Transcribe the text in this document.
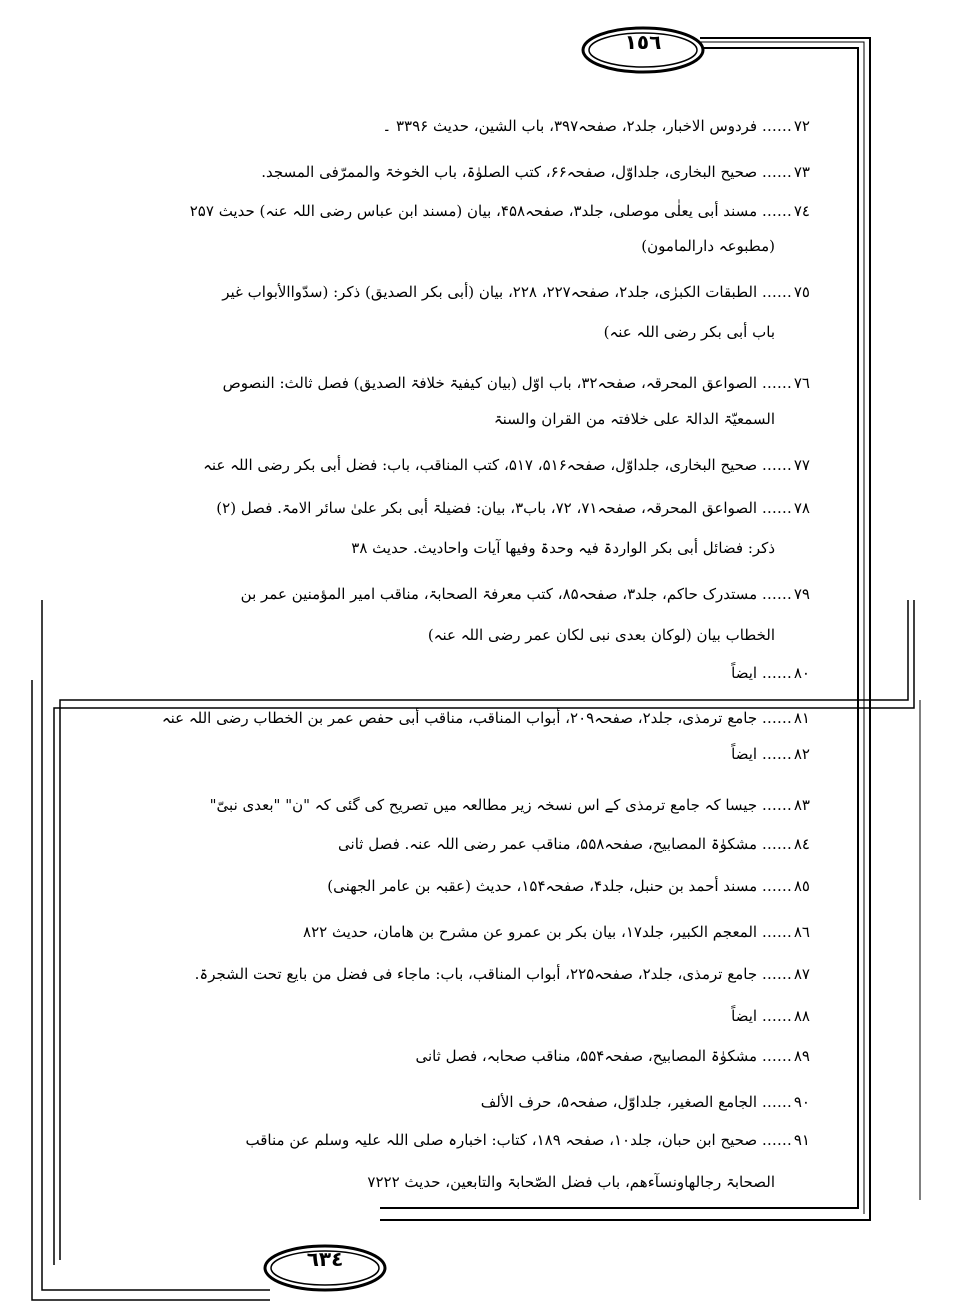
١٥٦
٦٣٤
٧٢…… فردوس الاخبار، جلد۲، صفحہ۳۹۷، باب الشین، حدیث ۳۳۹۶ ۔
٧٣…… صحیح البخاری، جلداوّل، صفحہ۶۶، کتب الصلوٰۃ، باب الخوخۃ والممرّفی المسجد.
٧٤…… مسند أبی یعلٰی موصلی، جلد۳، صفحہ۴۵۸، بیان (مسند ابن عباس رضی اللہ عنہ) حدیث ۲۵۷
(مطبوعہ دارالمامون)
٧٥…… الطبقات الکبرٰی، جلد۲، صفحہ۲۲۷، ۲۲۸، بیان (أبی بکر الصدیق) ذکر: (سدّواالأبواب غیر
باب أبی بکر رضی اللہ عنہ)
٧٦…… الصواعق المحرقہ، صفحہ۳۲، باب اوّل (بیان کیفیۃ خلافۃ الصدیق) فصل ثالث: النصوص
السمعیّۃ الدالۃ علی خلافتہ من القران والسنۃ
٧٧…… صحیح البخاری، جلداوّل، صفحہ۵۱۶، ۵۱۷، کتب المناقب، باب: فضل أبی بکر رضی اللہ عنہ
٧٨…… الصواعق المحرقہ، صفحہ۷۱، ۷۲، باب۳، بیان: فضیلۃ أبی بکر علیٰ سائر الامۃ. فصل (۲)
ذکر: فضائل أبی بکر الواردۃ فیہ وحدۃ وفیھا آیات واحادیث. حدیث ۳۸
٧٩…… مستدرک حاکم، جلد۳، صفحہ۸۵، کتب معرفۃ الصحابۃ، مناقب امیر المؤمنین عمر بن
الخطاب بیان (لوکان بعدی نبی لکان عمر رضی اللہ عنہ)
٨٠…… ایضاً
٨١…… جامع ترمذی، جلد۲، صفحہ۲۰۹، أبواب المناقب، مناقب أبی حفص عمر بن الخطاب رضی اللہ عنہ
٨٢…… ایضاً
٨٣…… جیسا کہ جامع ترمذی کے اس نسخہ زیر مطالعہ میں تصریح کی گئی کہ "ن" "بعدی نبیّ"
٨٤…… مشکوٰۃ المصابیح، صفحہ۵۵۸، مناقب عمر رضی اللہ عنہ. فصل ثانی
٨٥…… مسند أحمد بن حنبل، جلد۴، صفحہ۱۵۴، حدیث (عقبہ بن عامر الجھنی)
٨٦…… المعجم الکبیر، جلد۱۷، بیان بکر بن عمرو عن مشرح بن ھامان، حدیث ۸۲۲
٨٧…… جامع ترمذی، جلد۲، صفحہ۲۲۵، أبواب المناقب، باب: ماجاء فی فضل من بایع تحت الشجرۃ.
٨٨…… ایضاً
٨٩…… مشکوٰۃ المصابیح، صفحہ۵۵۴، مناقب صحابہ، فصل ثانی
٩٠…… الجامع الصغیر، جلداوّل، صفحہ۵، حرف الألف
٩١…… صحیح ابن حبان، جلد۱۰، صفحہ ۱۸۹، کتاب: اخبارہ صلی اللہ علیہ وسلم عن مناقب
الصحابۃ رجالھاونسآءھم، باب فضل الصّحابۃ والتابعین، حدیث ۷۲۲۲
